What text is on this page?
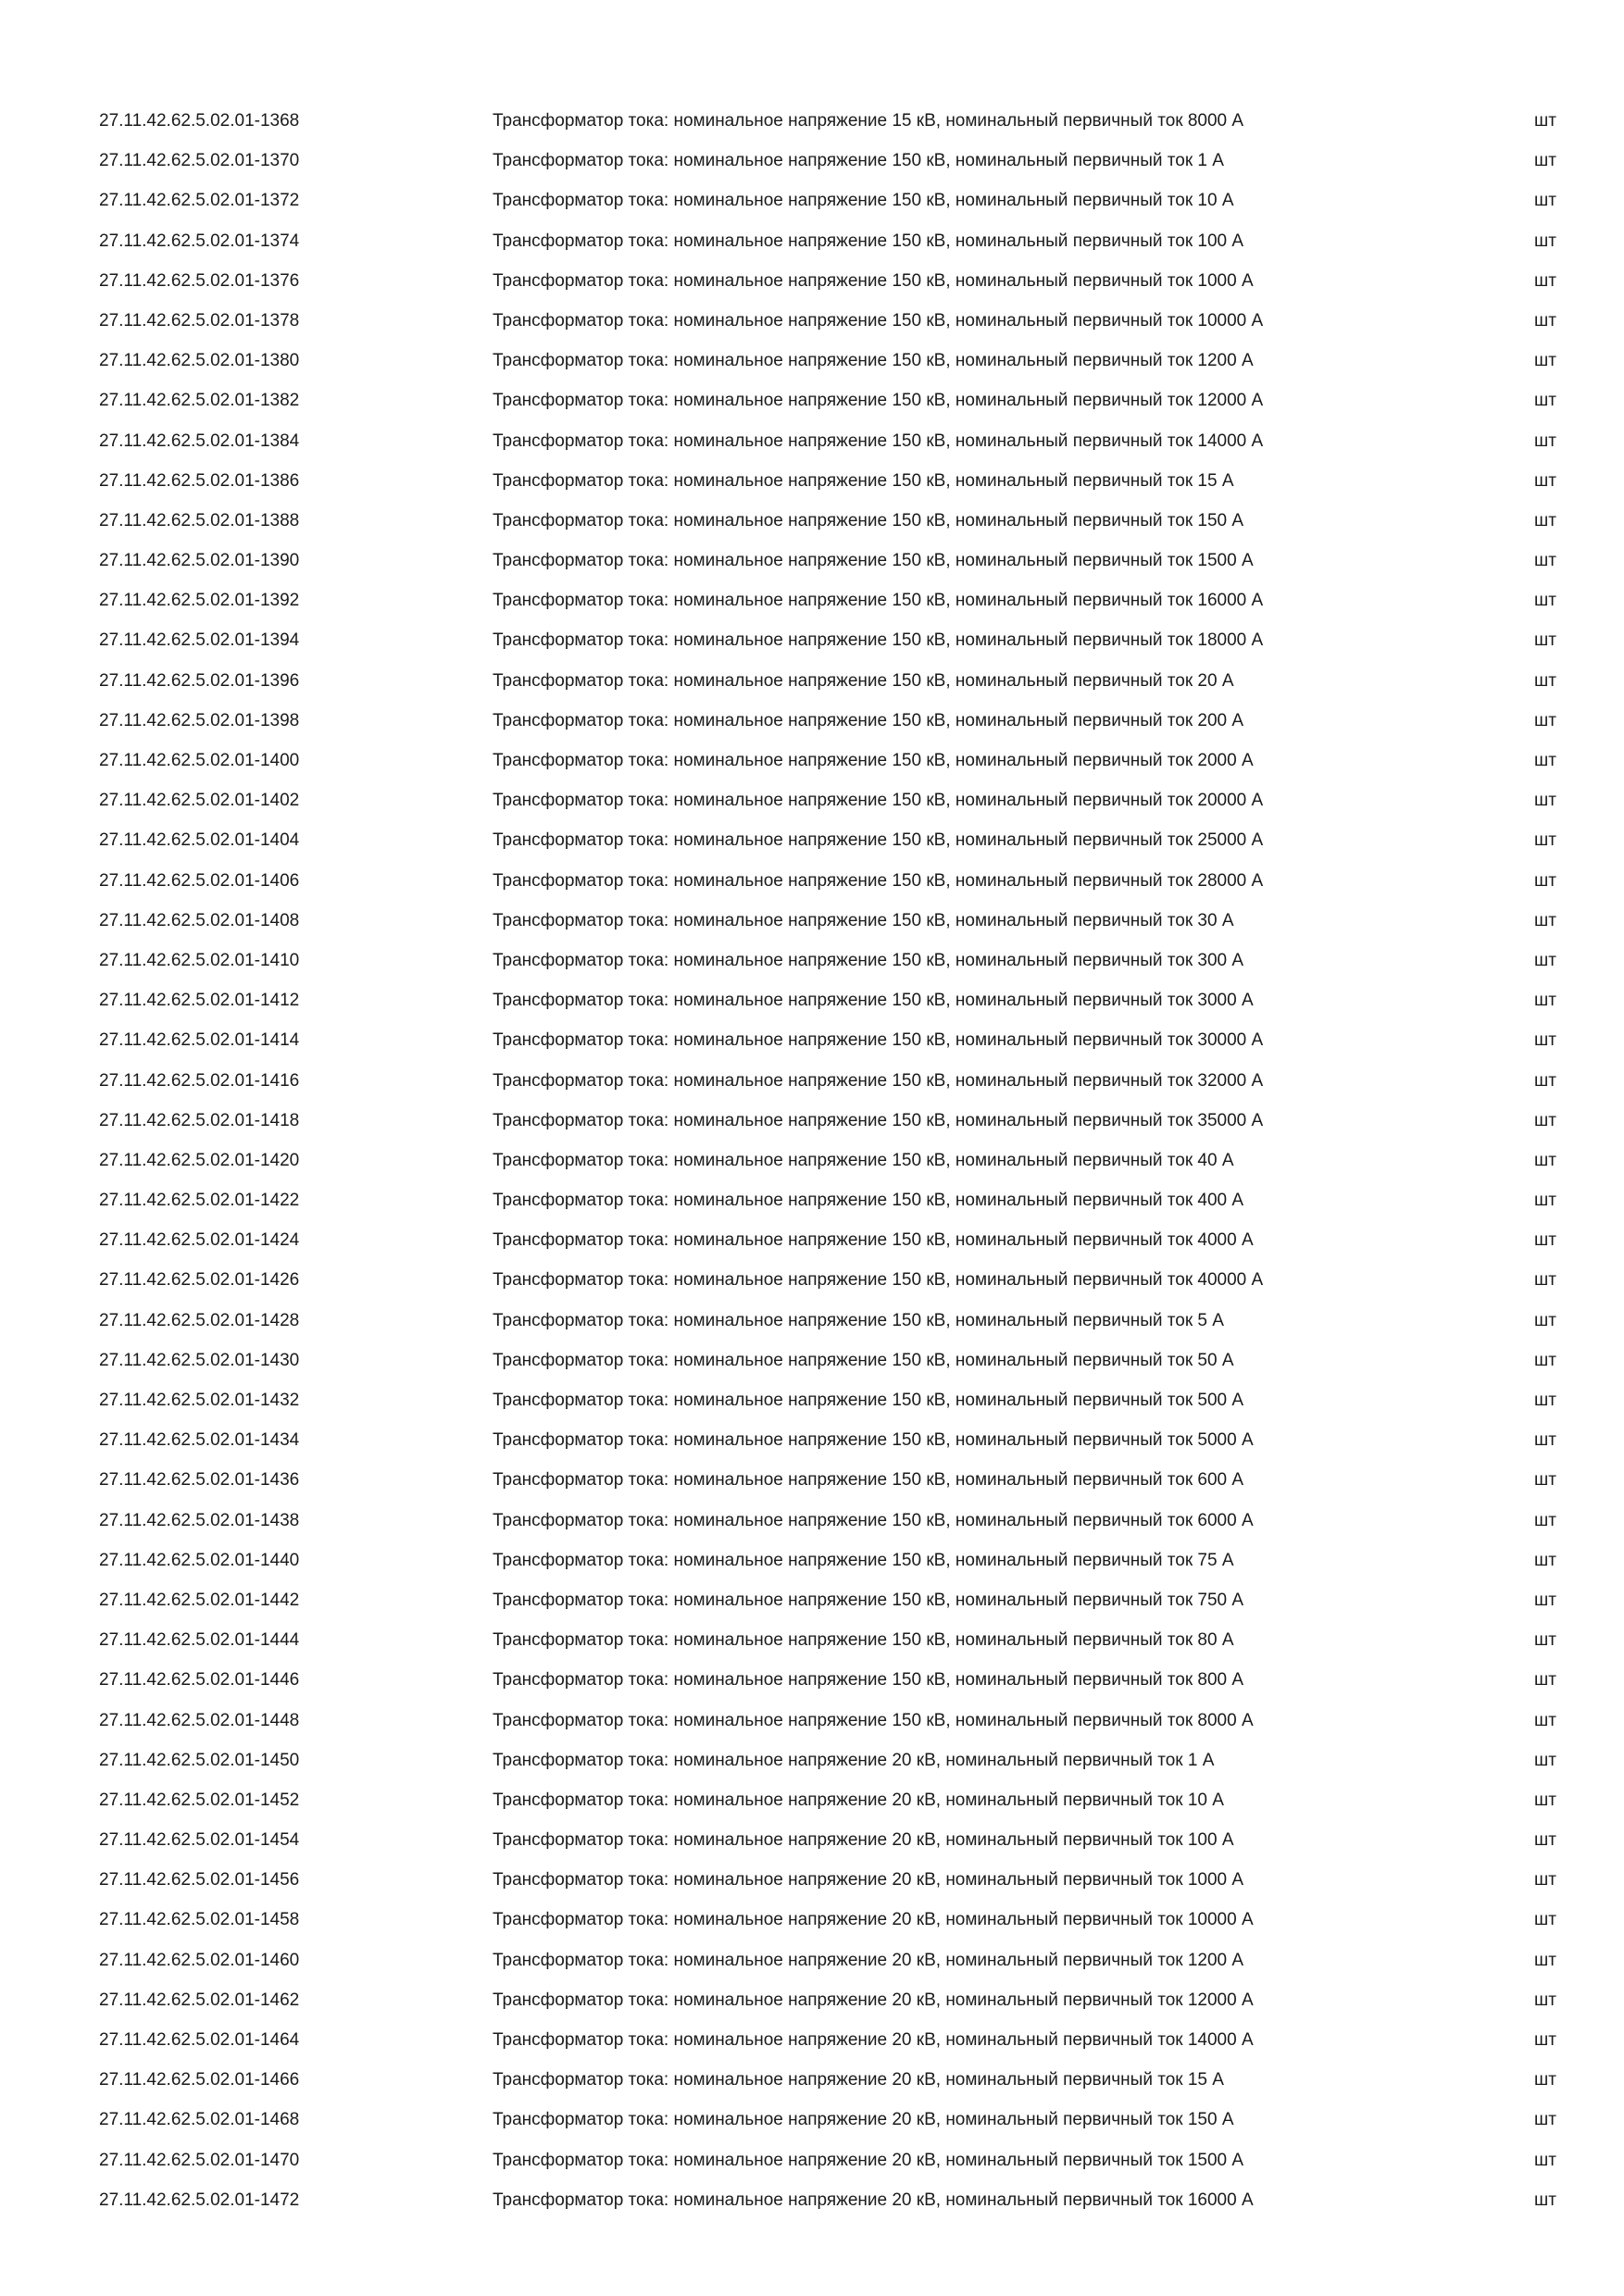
27.11.42.62.5.02.01-1368	Трансформатор тока: номинальное напряжение 15 кВ, номинальный первичный ток 8000 А	шт
27.11.42.62.5.02.01-1370	Трансформатор тока: номинальное напряжение 150 кВ, номинальный первичный ток 1 А	шт
27.11.42.62.5.02.01-1372	Трансформатор тока: номинальное напряжение 150 кВ, номинальный первичный ток 10 А	шт
27.11.42.62.5.02.01-1374	Трансформатор тока: номинальное напряжение 150 кВ, номинальный первичный ток 100 А	шт
27.11.42.62.5.02.01-1376	Трансформатор тока: номинальное напряжение 150 кВ, номинальный первичный ток 1000 А	шт
27.11.42.62.5.02.01-1378	Трансформатор тока: номинальное напряжение 150 кВ, номинальный первичный ток 10000 А	шт
27.11.42.62.5.02.01-1380	Трансформатор тока: номинальное напряжение 150 кВ, номинальный первичный ток 1200 А	шт
27.11.42.62.5.02.01-1382	Трансформатор тока: номинальное напряжение 150 кВ, номинальный первичный ток 12000 А	шт
27.11.42.62.5.02.01-1384	Трансформатор тока: номинальное напряжение 150 кВ, номинальный первичный ток 14000 А	шт
27.11.42.62.5.02.01-1386	Трансформатор тока: номинальное напряжение 150 кВ, номинальный первичный ток 15 А	шт
27.11.42.62.5.02.01-1388	Трансформатор тока: номинальное напряжение 150 кВ, номинальный первичный ток 150 А	шт
27.11.42.62.5.02.01-1390	Трансформатор тока: номинальное напряжение 150 кВ, номинальный первичный ток 1500 А	шт
27.11.42.62.5.02.01-1392	Трансформатор тока: номинальное напряжение 150 кВ, номинальный первичный ток 16000 А	шт
27.11.42.62.5.02.01-1394	Трансформатор тока: номинальное напряжение 150 кВ, номинальный первичный ток 18000 А	шт
27.11.42.62.5.02.01-1396	Трансформатор тока: номинальное напряжение 150 кВ, номинальный первичный ток 20 А	шт
27.11.42.62.5.02.01-1398	Трансформатор тока: номинальное напряжение 150 кВ, номинальный первичный ток 200 А	шт
27.11.42.62.5.02.01-1400	Трансформатор тока: номинальное напряжение 150 кВ, номинальный первичный ток 2000 А	шт
27.11.42.62.5.02.01-1402	Трансформатор тока: номинальное напряжение 150 кВ, номинальный первичный ток 20000 А	шт
27.11.42.62.5.02.01-1404	Трансформатор тока: номинальное напряжение 150 кВ, номинальный первичный ток 25000 А	шт
27.11.42.62.5.02.01-1406	Трансформатор тока: номинальное напряжение 150 кВ, номинальный первичный ток 28000 А	шт
27.11.42.62.5.02.01-1408	Трансформатор тока: номинальное напряжение 150 кВ, номинальный первичный ток 30 А	шт
27.11.42.62.5.02.01-1410	Трансформатор тока: номинальное напряжение 150 кВ, номинальный первичный ток 300 А	шт
27.11.42.62.5.02.01-1412	Трансформатор тока: номинальное напряжение 150 кВ, номинальный первичный ток 3000 А	шт
27.11.42.62.5.02.01-1414	Трансформатор тока: номинальное напряжение 150 кВ, номинальный первичный ток 30000 А	шт
27.11.42.62.5.02.01-1416	Трансформатор тока: номинальное напряжение 150 кВ, номинальный первичный ток 32000 А	шт
27.11.42.62.5.02.01-1418	Трансформатор тока: номинальное напряжение 150 кВ, номинальный первичный ток 35000 А	шт
27.11.42.62.5.02.01-1420	Трансформатор тока: номинальное напряжение 150 кВ, номинальный первичный ток 40 А	шт
27.11.42.62.5.02.01-1422	Трансформатор тока: номинальное напряжение 150 кВ, номинальный первичный ток 400 А	шт
27.11.42.62.5.02.01-1424	Трансформатор тока: номинальное напряжение 150 кВ, номинальный первичный ток 4000 А	шт
27.11.42.62.5.02.01-1426	Трансформатор тока: номинальное напряжение 150 кВ, номинальный первичный ток 40000 А	шт
27.11.42.62.5.02.01-1428	Трансформатор тока: номинальное напряжение 150 кВ, номинальный первичный ток 5 А	шт
27.11.42.62.5.02.01-1430	Трансформатор тока: номинальное напряжение 150 кВ, номинальный первичный ток 50 А	шт
27.11.42.62.5.02.01-1432	Трансформатор тока: номинальное напряжение 150 кВ, номинальный первичный ток 500 А	шт
27.11.42.62.5.02.01-1434	Трансформатор тока: номинальное напряжение 150 кВ, номинальный первичный ток 5000 А	шт
27.11.42.62.5.02.01-1436	Трансформатор тока: номинальное напряжение 150 кВ, номинальный первичный ток 600 А	шт
27.11.42.62.5.02.01-1438	Трансформатор тока: номинальное напряжение 150 кВ, номинальный первичный ток 6000 А	шт
27.11.42.62.5.02.01-1440	Трансформатор тока: номинальное напряжение 150 кВ, номинальный первичный ток 75 А	шт
27.11.42.62.5.02.01-1442	Трансформатор тока: номинальное напряжение 150 кВ, номинальный первичный ток 750 А	шт
27.11.42.62.5.02.01-1444	Трансформатор тока: номинальное напряжение 150 кВ, номинальный первичный ток 80 А	шт
27.11.42.62.5.02.01-1446	Трансформатор тока: номинальное напряжение 150 кВ, номинальный первичный ток 800 А	шт
27.11.42.62.5.02.01-1448	Трансформатор тока: номинальное напряжение 150 кВ, номинальный первичный ток 8000 А	шт
27.11.42.62.5.02.01-1450	Трансформатор тока: номинальное напряжение 20 кВ, номинальный первичный ток 1 А	шт
27.11.42.62.5.02.01-1452	Трансформатор тока: номинальное напряжение 20 кВ, номинальный первичный ток 10 А	шт
27.11.42.62.5.02.01-1454	Трансформатор тока: номинальное напряжение 20 кВ, номинальный первичный ток 100 А	шт
27.11.42.62.5.02.01-1456	Трансформатор тока: номинальное напряжение 20 кВ, номинальный первичный ток 1000 А	шт
27.11.42.62.5.02.01-1458	Трансформатор тока: номинальное напряжение 20 кВ, номинальный первичный ток 10000 А	шт
27.11.42.62.5.02.01-1460	Трансформатор тока: номинальное напряжение 20 кВ, номинальный первичный ток 1200 А	шт
27.11.42.62.5.02.01-1462	Трансформатор тока: номинальное напряжение 20 кВ, номинальный первичный ток 12000 А	шт
27.11.42.62.5.02.01-1464	Трансформатор тока: номинальное напряжение 20 кВ, номинальный первичный ток 14000 А	шт
27.11.42.62.5.02.01-1466	Трансформатор тока: номинальное напряжение 20 кВ, номинальный первичный ток 15 А	шт
27.11.42.62.5.02.01-1468	Трансформатор тока: номинальное напряжение 20 кВ, номинальный первичный ток 150 А	шт
27.11.42.62.5.02.01-1470	Трансформатор тока: номинальное напряжение 20 кВ, номинальный первичный ток 1500 А	шт
27.11.42.62.5.02.01-1472	Трансформатор тока: номинальное напряжение 20 кВ, номинальный первичный ток 16000 А	шт
